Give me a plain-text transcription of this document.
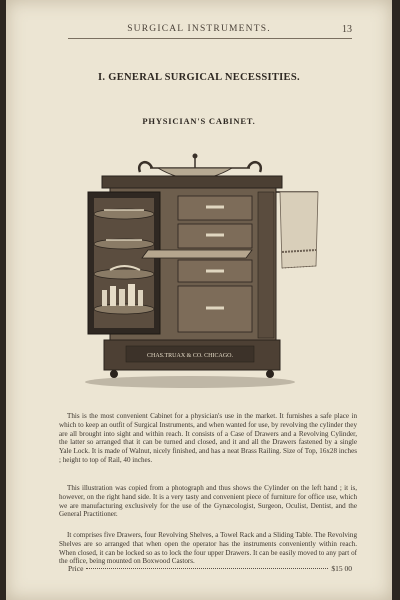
SURGICAL INSTRUMENTS.	13
I. GENERAL SURGICAL NECESSITIES.
PHYSICIAN'S CABINET.
CHAS.TRUAX & CO. CHICAGO.

This is the most convenient Cabinet for a physician's use in the market. It furnishes a safe place in which to keep an outfit of Surgical Instruments, and when wanted for use, by revolving the cylinder they are all brought into sight and within reach. It consists of a Case of Drawers and a Revolving Cylinder, the latter so arranged that it can be turned and closed, and it and all the Drawers fastened by a single Yale Lock. It is made of Walnut, nicely finished, and has a neat Brass Railing. Size of Top, 16x28 inches ; height to top of Rail, 40 inches.

This illustration was copied from a photograph and thus shows the Cylinder on the left hand ; it is, however, on the right hand side. It is a very tasty and convenient piece of furniture for office use, which we are manufacturing exclusively for the use of the Gynæcologist, Surgeon, Oculist, Dentist, and the General Practitioner.

It comprises five Drawers, four Revolving Shelves, a Towel Rack and a Sliding Table. The Revolving Shelves are so arranged that when open the operator has the instruments conveniently within reach. When closed, it can be locked so as to lock the four upper Drawers. It can be easily moved to any part of the office, being mounted on Boxwood Castors.

Price	$15 00
